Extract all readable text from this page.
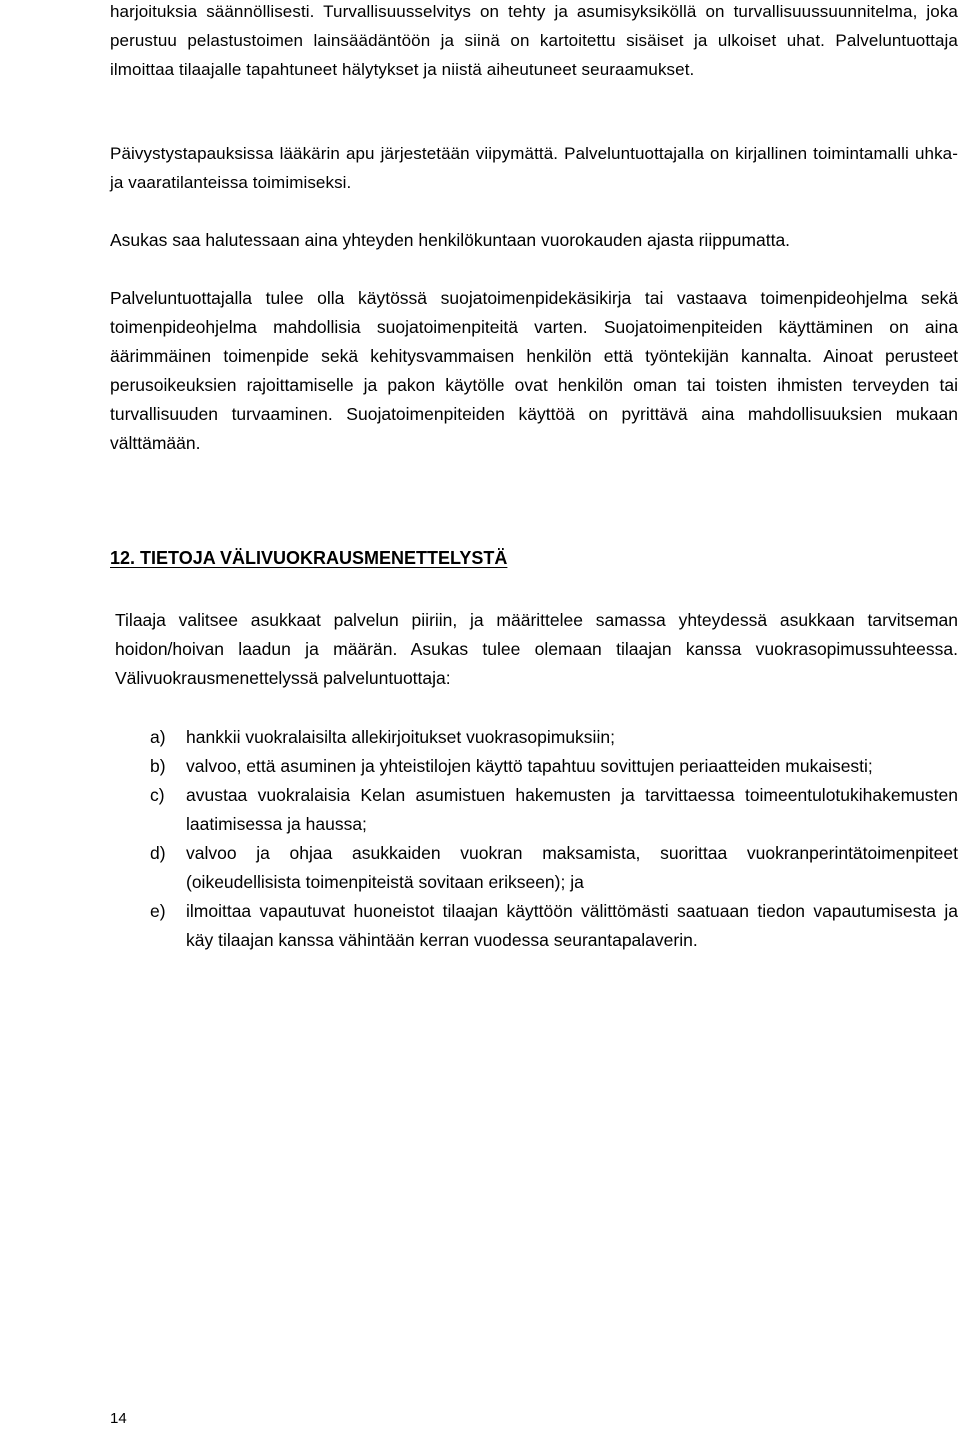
harjoituksia säännöllisesti. Turvallisuusselvitys on tehty ja asumisyksiköllä on turvallisuussuunnitelma, joka perustuu pelastustoimen lainsäädäntöön ja siinä on kartoitettu sisäiset ja ulkoiset uhat. Palveluntuottaja ilmoittaa tilaajalle tapahtuneet hälytykset ja niistä aiheutuneet seuraamukset.

Päivystystapauksissa lääkärin apu järjestetään viipymättä. Palveluntuottajalla on kirjallinen toimintamalli uhka- ja vaaratilanteissa toimimiseksi.

Asukas saa halutessaan aina yhteyden henkilökuntaan vuorokauden ajasta riippumatta.

Palveluntuottajalla tulee olla käytössä suojatoimenpidekäsikirja tai vastaava toimenpideohjelma sekä toimenpideohjelma mahdollisia suojatoimenpiteitä varten. Suojatoimenpiteiden käyttäminen on aina äärimmäinen toimenpide sekä kehitysvammaisen henkilön että työntekijän kannalta. Ainoat perusteet perusoikeuksien rajoittamiselle ja pakon käytölle ovat henkilön oman tai toisten ihmisten terveyden tai turvallisuuden turvaaminen. Suojatoimenpiteiden käyttöä on pyrittävä aina mahdollisuuksien mukaan välttämään.

12. TIETOJA VÄLIVUOKRAUSMENETTELYSTÄ

Tilaaja valitsee asukkaat palvelun piiriin, ja määrittelee samassa yhteydessä asukkaan tarvitseman hoidon/hoivan laadun ja määrän. Asukas tulee olemaan tilaajan kanssa vuokrasopimussuhteessa. Välivuokrausmenettelyssä palveluntuottaja:

a)	hankkii vuokralaisilta allekirjoitukset vuokrasopimuksiin;
b)	valvoo, että asuminen ja yhteistilojen käyttö tapahtuu sovittujen periaatteiden mukaisesti;
c)	avustaa vuokralaisia Kelan asumistuen hakemusten ja tarvittaessa toimeentulotukihakemusten laatimisessa ja haussa;
d)	valvoo ja ohjaa asukkaiden vuokran maksamista, suorittaa vuokranperintätoimenpiteet (oikeudellisista toimenpiteistä sovitaan erikseen); ja
e)	ilmoittaa vapautuvat huoneistot tilaajan käyttöön välittömästi saatuaan tiedon vapautumisesta ja käy tilaajan kanssa vähintään kerran vuodessa seurantapalaverin.

14
